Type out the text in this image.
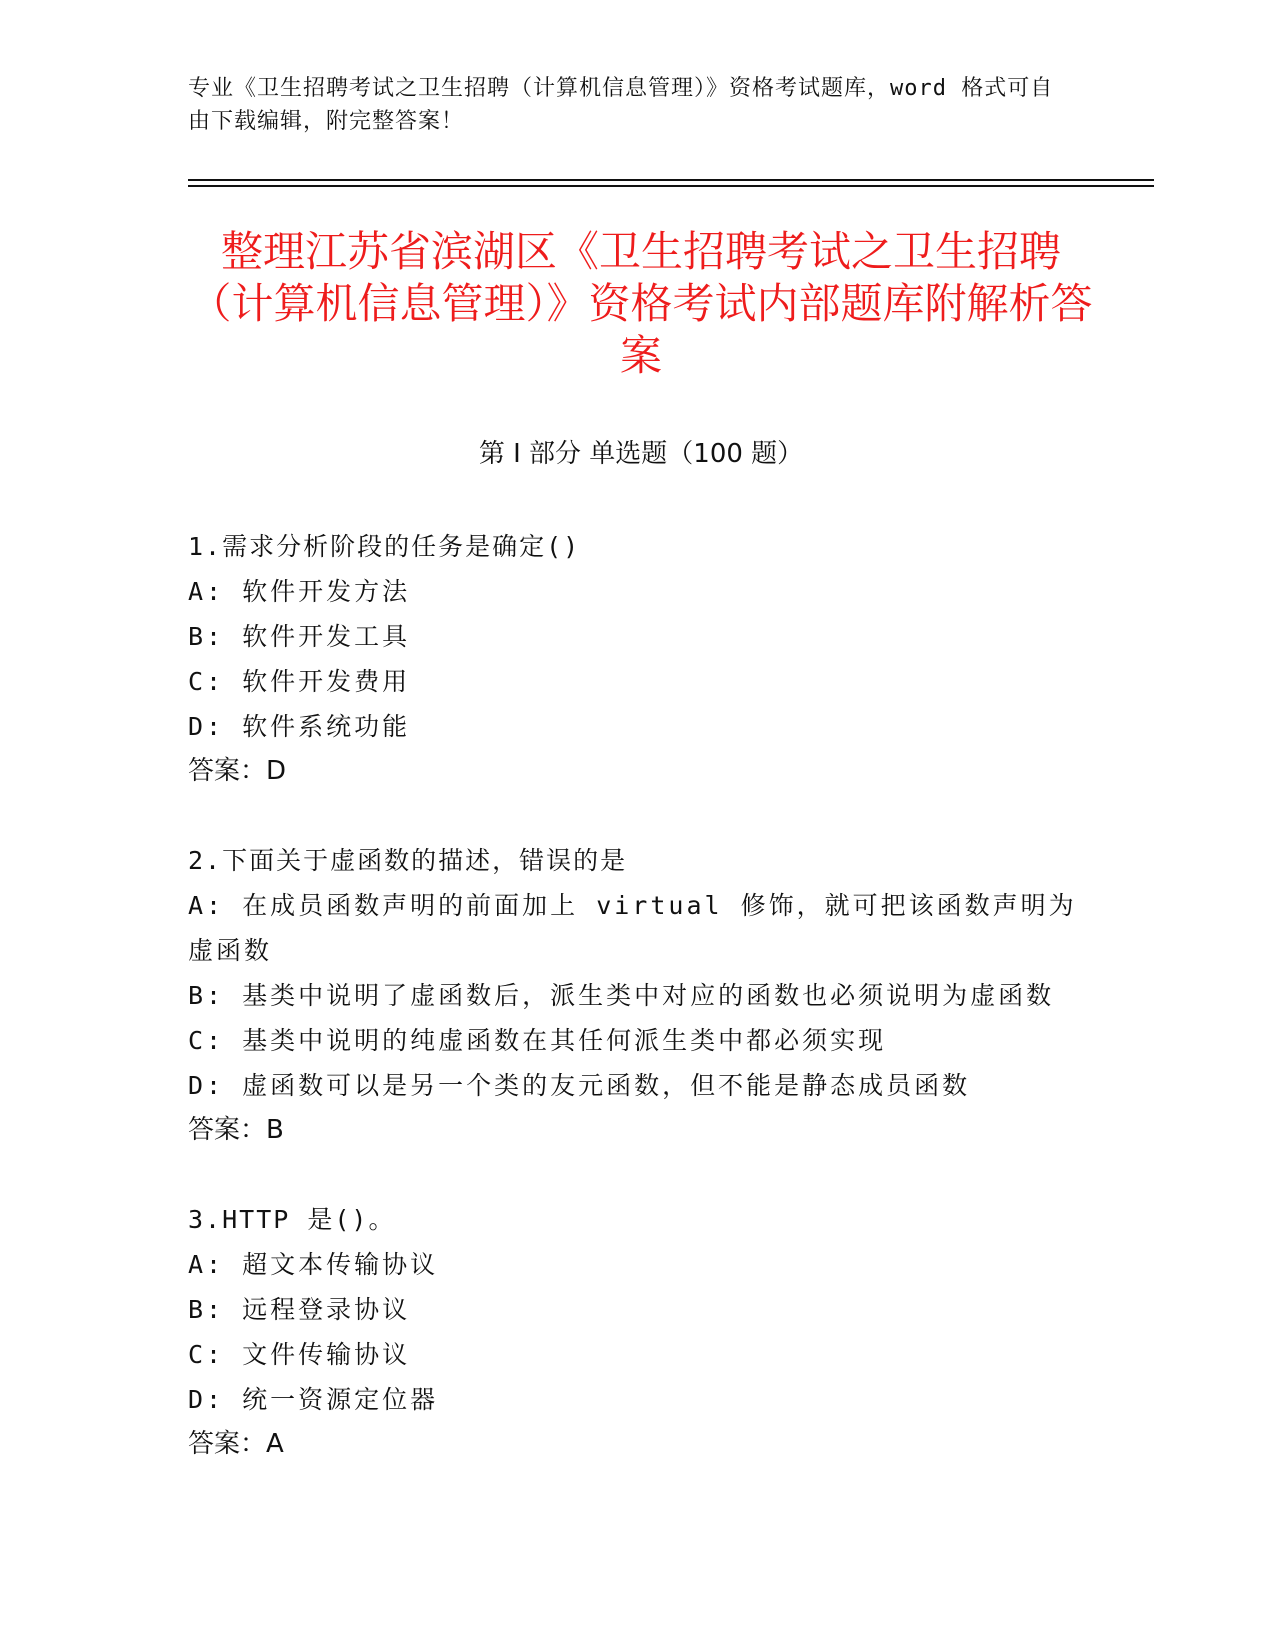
专业《卫生招聘考试之卫生招聘（计算机信息管理）》资格考试题库，word 格式可自由下载编辑，附完整答案！
整理江苏省滨湖区《卫生招聘考试之卫生招聘（计算机信息管理）》资格考试内部题库附解析答案
第 I 部分 单选题（100 题）
1.需求分析阶段的任务是确定()
A: 软件开发方法
B: 软件开发工具
C: 软件开发费用
D: 软件系统功能
答案：D
2.下面关于虚函数的描述，错误的是
A: 在成员函数声明的前面加上 virtual 修饰，就可把该函数声明为虚函数
B: 基类中说明了虚函数后，派生类中对应的函数也必须说明为虚函数
C: 基类中说明的纯虚函数在其任何派生类中都必须实现
D: 虚函数可以是另一个类的友元函数，但不能是静态成员函数
答案：B
3.HTTP 是()。
A: 超文本传输协议
B: 远程登录协议
C: 文件传输协议
D: 统一资源定位器
答案：A
